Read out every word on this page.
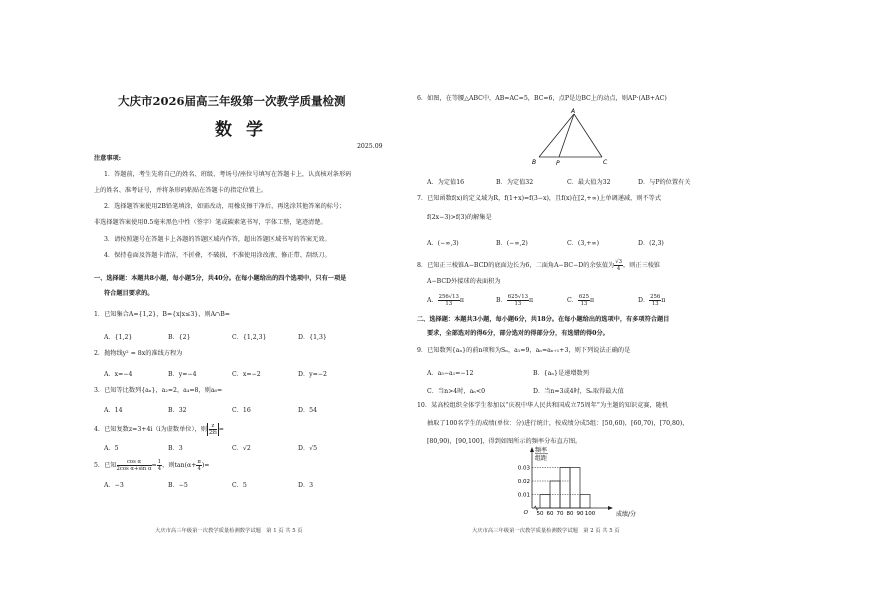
大庆市2026届高三年级第一次教学质量检测
数学
2025.09
注意事项:
1．答题前，考生先将自己的姓名、班级、考场号/座位号填写在答题卡上，认真核对条形码
上的姓名、准考证号，并将条形码粘贴在答题卡的指定位置上。
2．选择题答案使用2B铅笔填涂，如需改动，用橡皮擦干净后，再选涂其他答案的标号；
非选择题答案使用0.5毫米黑色中性（签字）笔或碳素笔书写，字体工整，笔迹清楚。
3．请按照题号在答题卡上各题的答题区域内作答，超出答题区域书写的答案无效。
4．保持卷面及答题卡清洁，不折叠，不破损，不准使用涂改液、修正带、刮纸刀。
一、选择题：本题共8小题，每小题5分，共40分。在每小题给出的四个选项中，只有一项是
符合题目要求的。
1．已知集合A={1,2}，B={x|x≤3}，则A∩B=
A．{1,2}	B．{2}	C．{1,2,3}	D．{1,3}
2．抛物线y² = 8x的准线方程为
A．x=−4	B．y=−4	C．x=−2	D．y=−2
3．已知等比数列{aₙ}，a₂=2，a₄=8，则a₆=
A．14	B．32	C．16	D．54
4．已知复数z=3+4i（i为虚数单位），则 $\frac{z}{2z̄i}$ =
A．5	B．3	C．√2	D．√5
5．已知 $\frac{\text{cos α}}{\text{2cos α+sin α}} = \frac{1}{4}$ ，则$\tan(\alpha+ \frac{\pi}{4}$ )=
A．−3	B．−5	C．5	D．3
大庆市高三年级第一次教学质量检测数学试题　第 1 页 共 5 页
6．如图，在等腰△ABC中，AB=AC=5，BC=6，点P是边BC上的动点，则AP·(AB+AC)
A
B	P	C
A．为定值16	B．为定值32	C．最大值为32	D．与P的位置有关
7．已知函数f(x)的定义域为R，f(1+x)=f(3−x)，且f(x)在[2,+∞)上单调递减，则不等式
f(2x−3)>f(3)的解集是
A．(−∞,3)	B．(−∞,2)	C．(3,+∞)	D．(2,3)
8．已知正三棱锥A−BCD的底面边长为6，二面角A−BC−D的余弦值为 $\frac{√3}{4}$ ，则正三棱锥
A−BCD外接球的表面积为
A． $\frac{256√13}{13}$ π	B． $\frac{625√13}{13}$ π	C． $\frac{625}{13}$ π	D． $\frac{256}{13}$ π
二、选择题：本题共3小题，每小题6分，共18分。在每小题给出的选项中，有多项符合题目
要求，全部选对的得6分，部分选对的得部分分，有选错的得0分。
9．已知数列{aₙ}的前n项和为Sₙ，a₁=9，aₙ=aₙ₊₁+3，则下列说法正确的是
A．a₅−a₁=−12	B．{aₙ}是递增数列
C．当n>4时，aₙ<0	D．当n=3或4时，Sₙ取得最大值
10．某高校组织全体学生参加以“庆祝中华人民共和国成立75周年”为主题的知识竞赛，随机
抽取了100名学生的成绩(单位：分)进行统计，按成绩分成5组：[50,60)，[60,70)，[70,80)，
[80,90)，[90,100]，得到如图所示的频率分布直方图。
0.03
0.02
0.01
50 60 70 80 90 100
O
频率
组距
成绩/分
大庆市高三年级第一次教学质量检测数学试题　第 2 页 共 5 页
